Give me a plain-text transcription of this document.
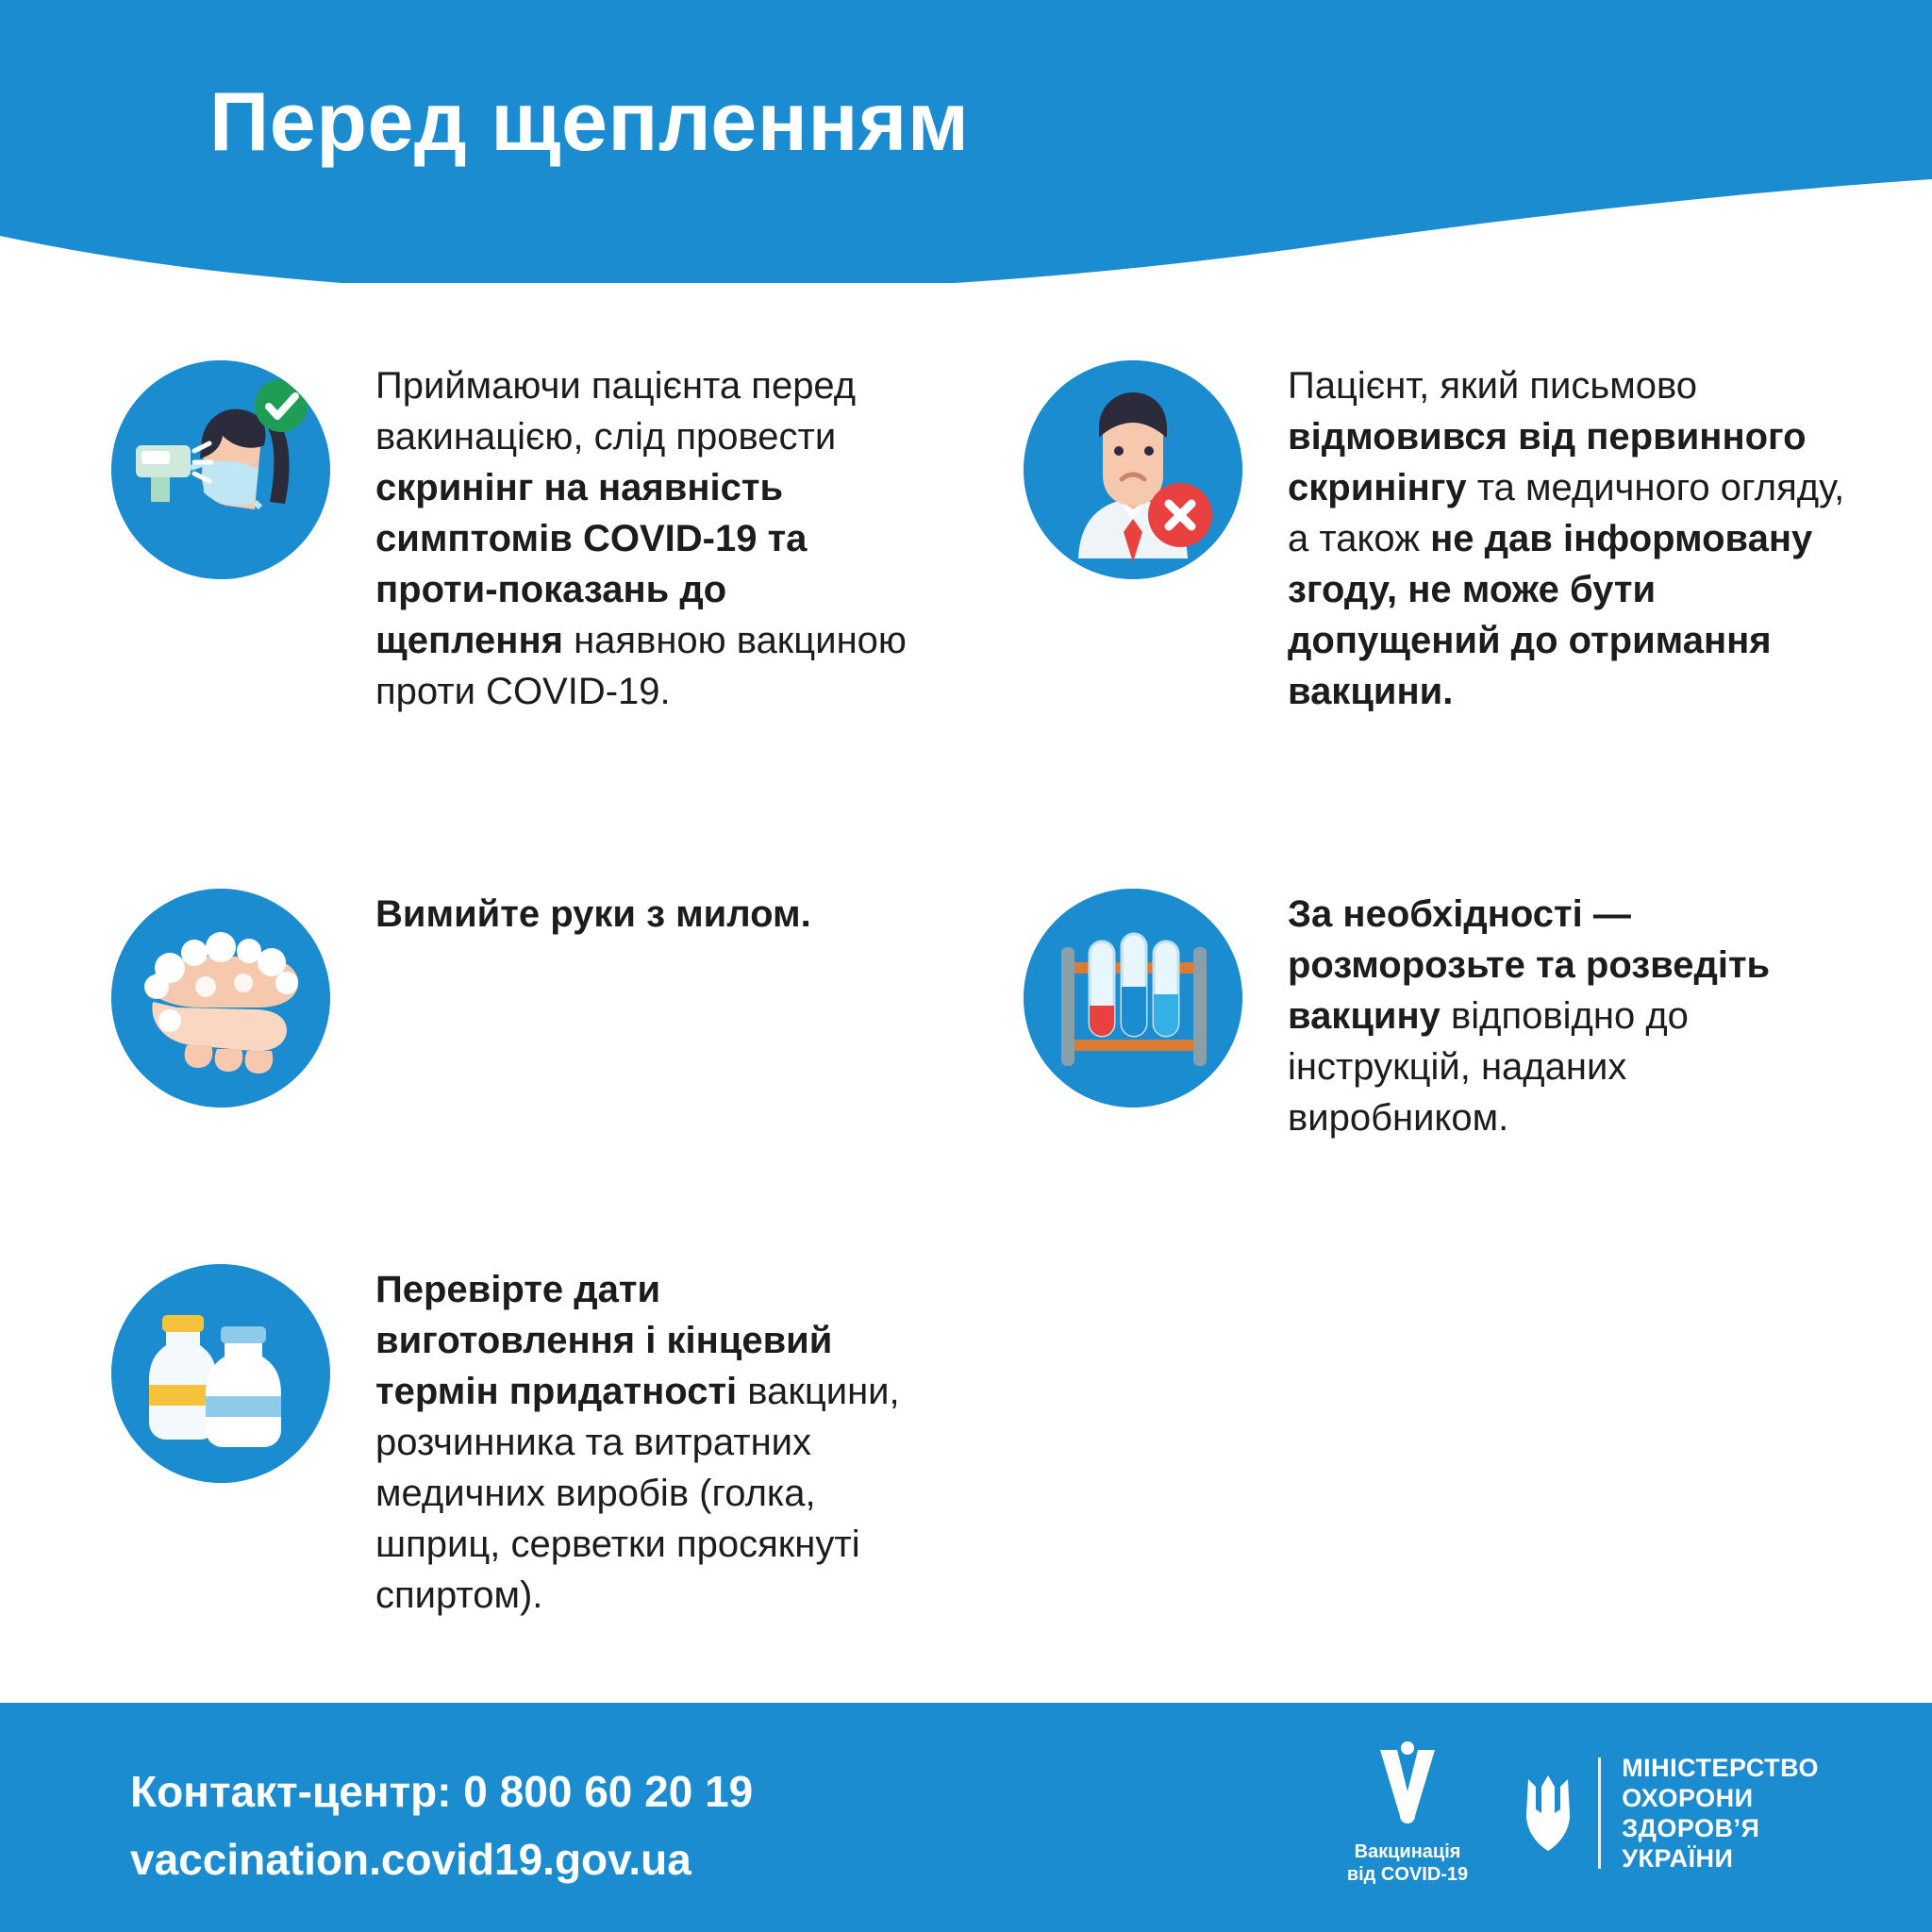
Перед щепленням
Приймаючи пацієнта перед вакинацією, слід провести скринінг на наявність симптомів COVID-19 та проти-показань до щеплення наявною вакциною проти COVID-19.
Пацієнт, який письмово відмовився від первинного скринінгу та медичного огляду, а також не дав інформовану згоду, не може бути допущений до отримання вакцини.
Вимийте руки з милом.	За необхідності — розморозьте та розведіть вакцину відповідно до інструкцій, наданих виробником.
Перевірте дати виготовлення і кінцевий термін придатності вакцини, розчинника та витратних медичних виробів (голка, шприц, серветки просякнуті спиртом).
Контакт-центр: 0 800 60 20 19
vaccination.covid19.gov.ua	Вакцинація
від COVID-19
МІНІСТЕРСТВО
ОХОРОНИ
ЗДОРОВ’Я
УКРАЇНИ
